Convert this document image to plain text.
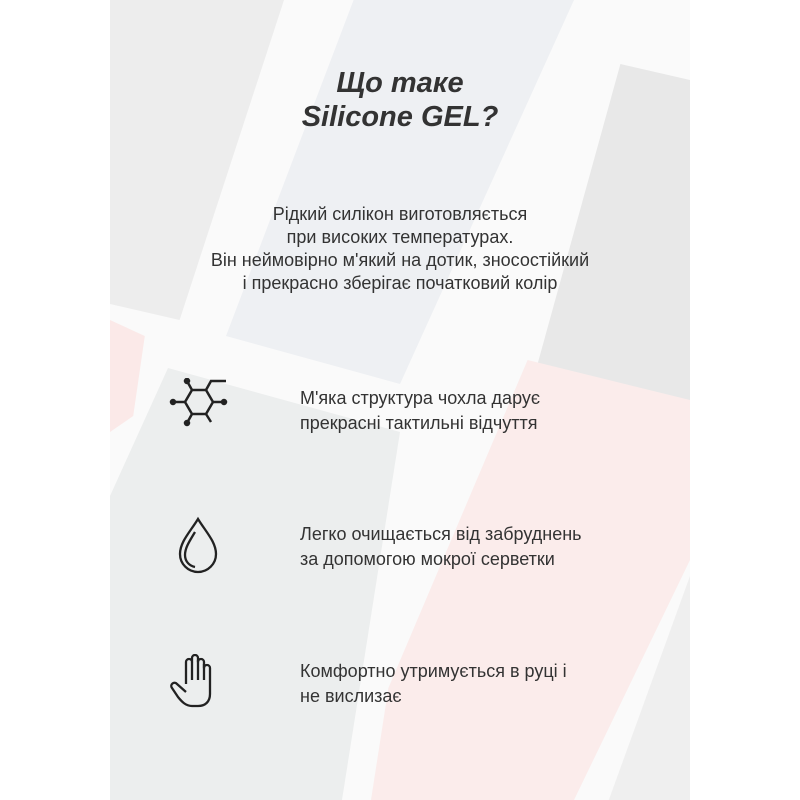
Що таке
Silicone GEL?
Рідкий силікон виготовляється
при високих температурах.
Він неймовірно м'який на дотик, зносостійкий
і прекрасно зберігає початковий колір
М'яка структура чохла дарує
прекрасні тактильні відчуття
Легко очищається від забруднень
за допомогою мокрої серветки
Комфортно утримується в руці і
не вислизає
